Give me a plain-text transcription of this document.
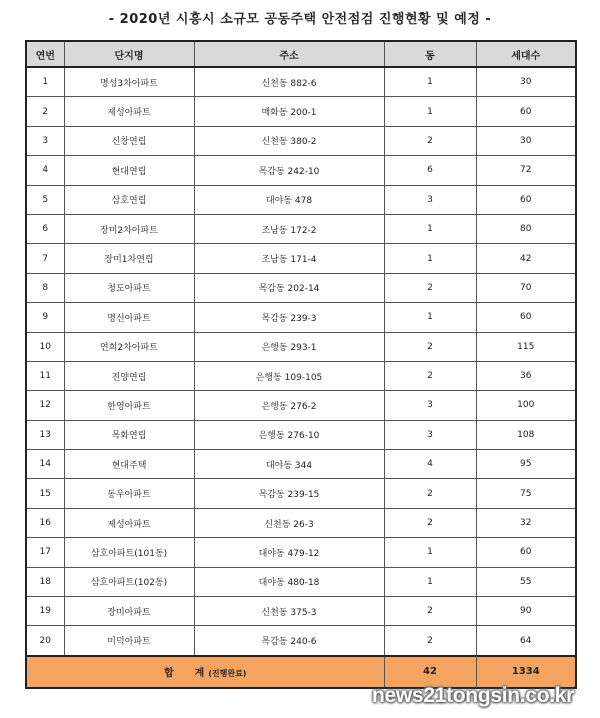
- 2020년 시흥시 소규모 공동주택 안전점검 진행현황 및 예정 -
연번	단지명	주소	동	세대수
1	명성3차아파트	신천동 882-6	1	30
2	제성아파트	매화동 200-1	1	60
3	신창연립	신천동 380-2	2	30
4	현대연립	목감동 242-10	6	72
5	삼호연립	대야동 478	3	60
6	장미2차아파트	조남동 172-2	1	80
7	장미1차연립	조남동 171-4	1	42
8	청도아파트	목감동 202-14	2	70
9	명신아파트	목감동 239-3	1	60
10	연희2차아파트	은행동 293-1	2	115
11	진양연립	은행동 109-105	2	36
12	한영아파트	은행동 276-2	3	100
13	목화연립	은행동 276-10	3	108
14	현대주택	대야동 344	4	95
15	동우아파트	목감동 239-15	2	75
16	제성아파트	신천동 26-3	2	32
17	삼호아파트(101동)	대야동 479-12	1	60
18	삼호아파트(102동)	대야동 480-18	1	55
19	장미아파트	신천동 375-3	2	90
20	미덕아파트	목감동 240-6	2	64
합      계 (진행완료)			42	1334
news21tongsin.co.kr
